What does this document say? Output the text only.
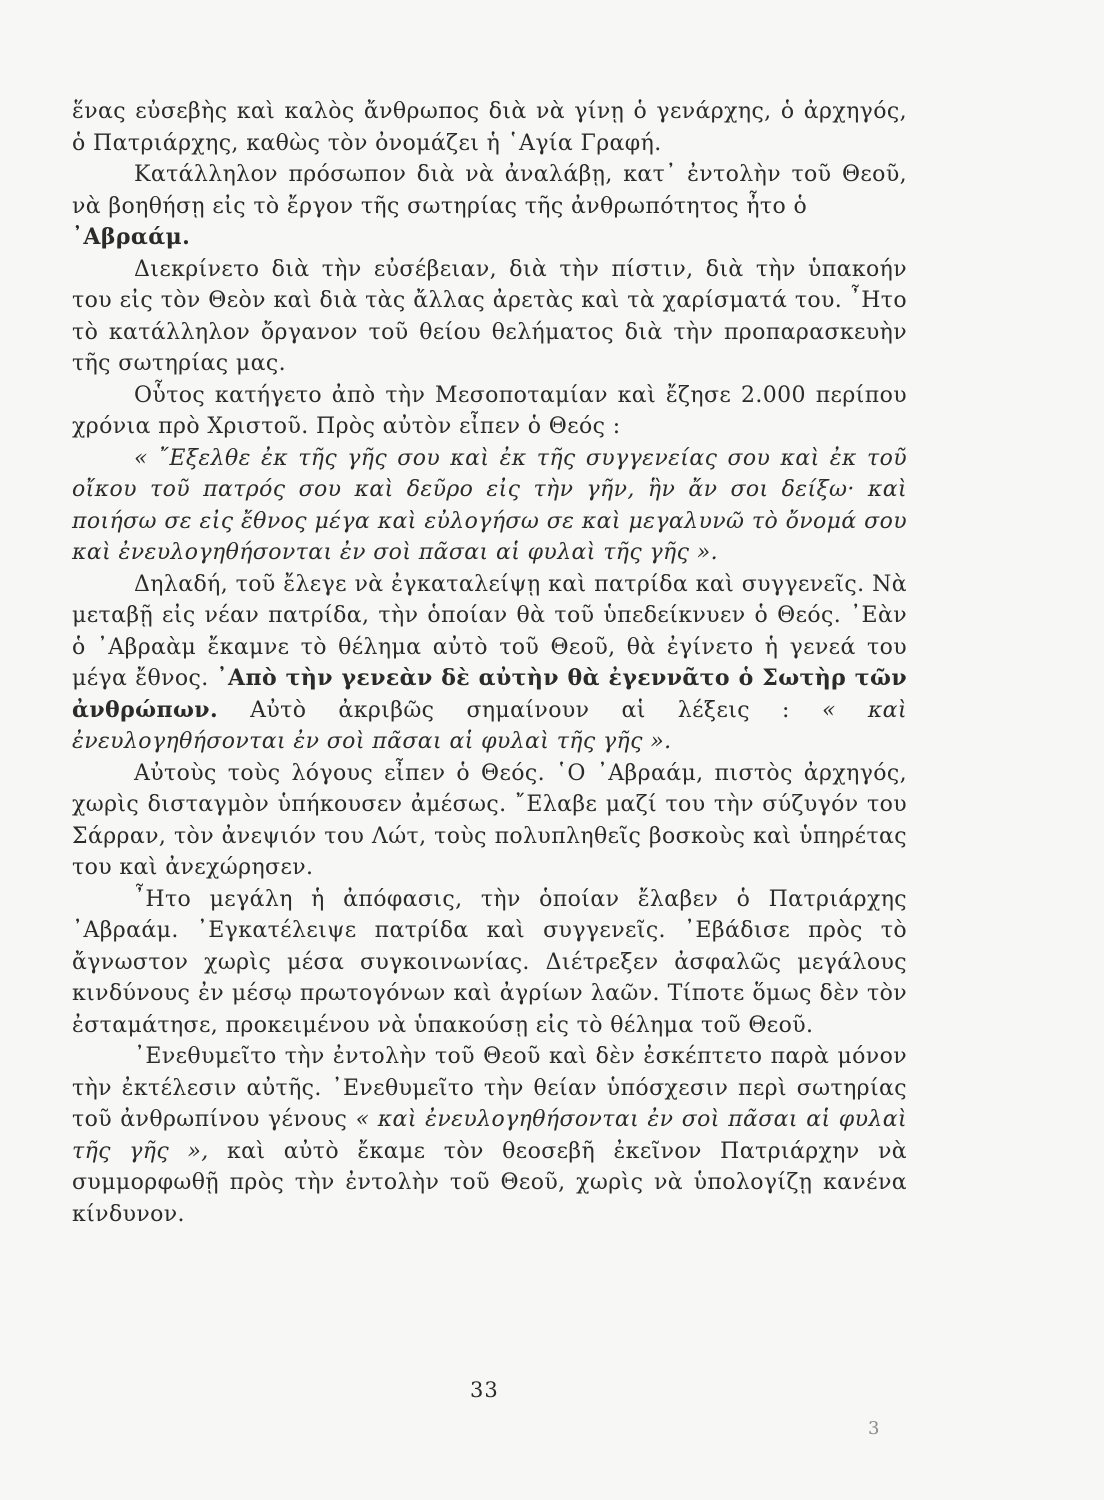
ἕνας εὐσεβὴς καὶ καλὸς ἄνθρωπος διὰ νὰ γίνῃ ὁ γενάρχης, ὁ ἀρχηγός, ὁ Πατριάρχης, καθὼς τὸν ὀνομάζει ἡ ῾Αγία Γραφή.

Κατάλληλον πρόσωπον διὰ νὰ ἀναλάβῃ, κατ᾽ ἐντολὴν τοῦ Θεοῦ, νὰ βοηθήσῃ εἰς τὸ ἔργον τῆς σωτηρίας τῆς ἀνθρωπότητος ἦτο ὁ
᾽Αβραάμ.

Διεκρίνετο διὰ τὴν εὐσέβειαν, διὰ τὴν πίστιν, διὰ τὴν ὑπακοήν του εἰς τὸν Θεὸν καὶ διὰ τὰς ἄλλας ἀρετὰς καὶ τὰ χαρίσματά του. ῏Ητο τὸ κατάλληλον ὄργανον τοῦ θείου θελήματος διὰ τὴν προπαρασκευὴν τῆς σωτηρίας μας.

Οὗτος κατήγετο ἀπὸ τὴν Μεσοποταμίαν καὶ ἔζησε 2.000 περίπου χρόνια πρὸ Χριστοῦ. Πρὸς αὐτὸν εἶπεν ὁ Θεός :

« ῎Εξελθε ἐκ τῆς γῆς σου καὶ ἐκ τῆς συγγενείας σου καὶ ἐκ τοῦ οἴκου τοῦ πατρός σου καὶ δεῦρο εἰς τὴν γῆν, ἣν ἄν σοι δείξω· καὶ ποιήσω σε εἰς ἔθνος μέγα καὶ εὐλογήσω σε καὶ μεγαλυνῶ τὸ ὄνομά σου καὶ ἐνευλογηθήσονται ἐν σοὶ πᾶσαι αἱ φυλαὶ τῆς γῆς ».

Δηλαδή, τοῦ ἔλεγε νὰ ἐγκαταλείψῃ καὶ πατρίδα καὶ συγγενεῖς. Νὰ μεταβῇ εἰς νέαν πατρίδα, τὴν ὁποίαν θὰ τοῦ ὑπεδείκνυεν ὁ Θεός. ᾽Εὰν ὁ ᾽Αβραὰμ ἔκαμνε τὸ θέλημα αὐτὸ τοῦ Θεοῦ, θὰ ἐγίνετο ἡ γενεά του μέγα ἔθνος. ᾽Απὸ τὴν γενεὰν δὲ αὐτὴν θὰ ἐγεννᾶτο ὁ Σωτὴρ τῶν ἀνθρώπων. Αὐτὸ ἀκριβῶς σημαίνουν αἱ λέξεις : « καὶ ἐνευλογηθήσονται ἐν σοὶ πᾶσαι αἱ φυλαὶ τῆς γῆς ».

Αὐτοὺς τοὺς λόγους εἶπεν ὁ Θεός. ῾Ο ᾽Αβραάμ, πιστὸς ἀρχηγός, χωρὶς δισταγμὸν ὑπήκουσεν ἀμέσως. ῎Ελαβε μαζί του τὴν σύζυγόν του Σάρραν, τὸν ἀνεψιόν του Λώτ, τοὺς πολυπληθεῖς βοσκοὺς καὶ ὑπηρέτας του καὶ ἀνεχώρησεν.

῏Ητο μεγάλη ἡ ἀπόφασις, τὴν ὁποίαν ἔλαβεν ὁ Πατριάρχης ᾽Αβραάμ. ᾽Εγκατέλειψε πατρίδα καὶ συγγενεῖς. ᾽Εβάδισε πρὸς τὸ ἄγνωστον χωρὶς μέσα συγκοινωνίας. Διέτρεξεν ἀσφαλῶς μεγάλους κινδύνους ἐν μέσῳ πρωτογόνων καὶ ἀγρίων λαῶν. Τίποτε ὅμως δὲν τὸν ἐσταμάτησε, προκειμένου νὰ ὑπακούσῃ εἰς τὸ θέλημα τοῦ Θεοῦ.

᾽Ενεθυμεῖτο τὴν ἐντολὴν τοῦ Θεοῦ καὶ δὲν ἐσκέπτετο παρὰ μόνον τὴν ἐκτέλεσιν αὐτῆς. ᾽Ενεθυμεῖτο τὴν θείαν ὑπόσχεσιν περὶ σωτηρίας τοῦ ἀνθρωπίνου γένους « καὶ ἐνευλογηθήσονται ἐν σοὶ πᾶσαι αἱ φυλαὶ τῆς γῆς », καὶ αὐτὸ ἔκαμε τὸν θεοσεβῆ ἐκεῖνον Πατριάρχην νὰ συμμορφωθῇ πρὸς τὴν ἐντολὴν τοῦ Θεοῦ, χωρὶς νὰ ὑπολογίζῃ κανένα κίνδυνον.

33
3
